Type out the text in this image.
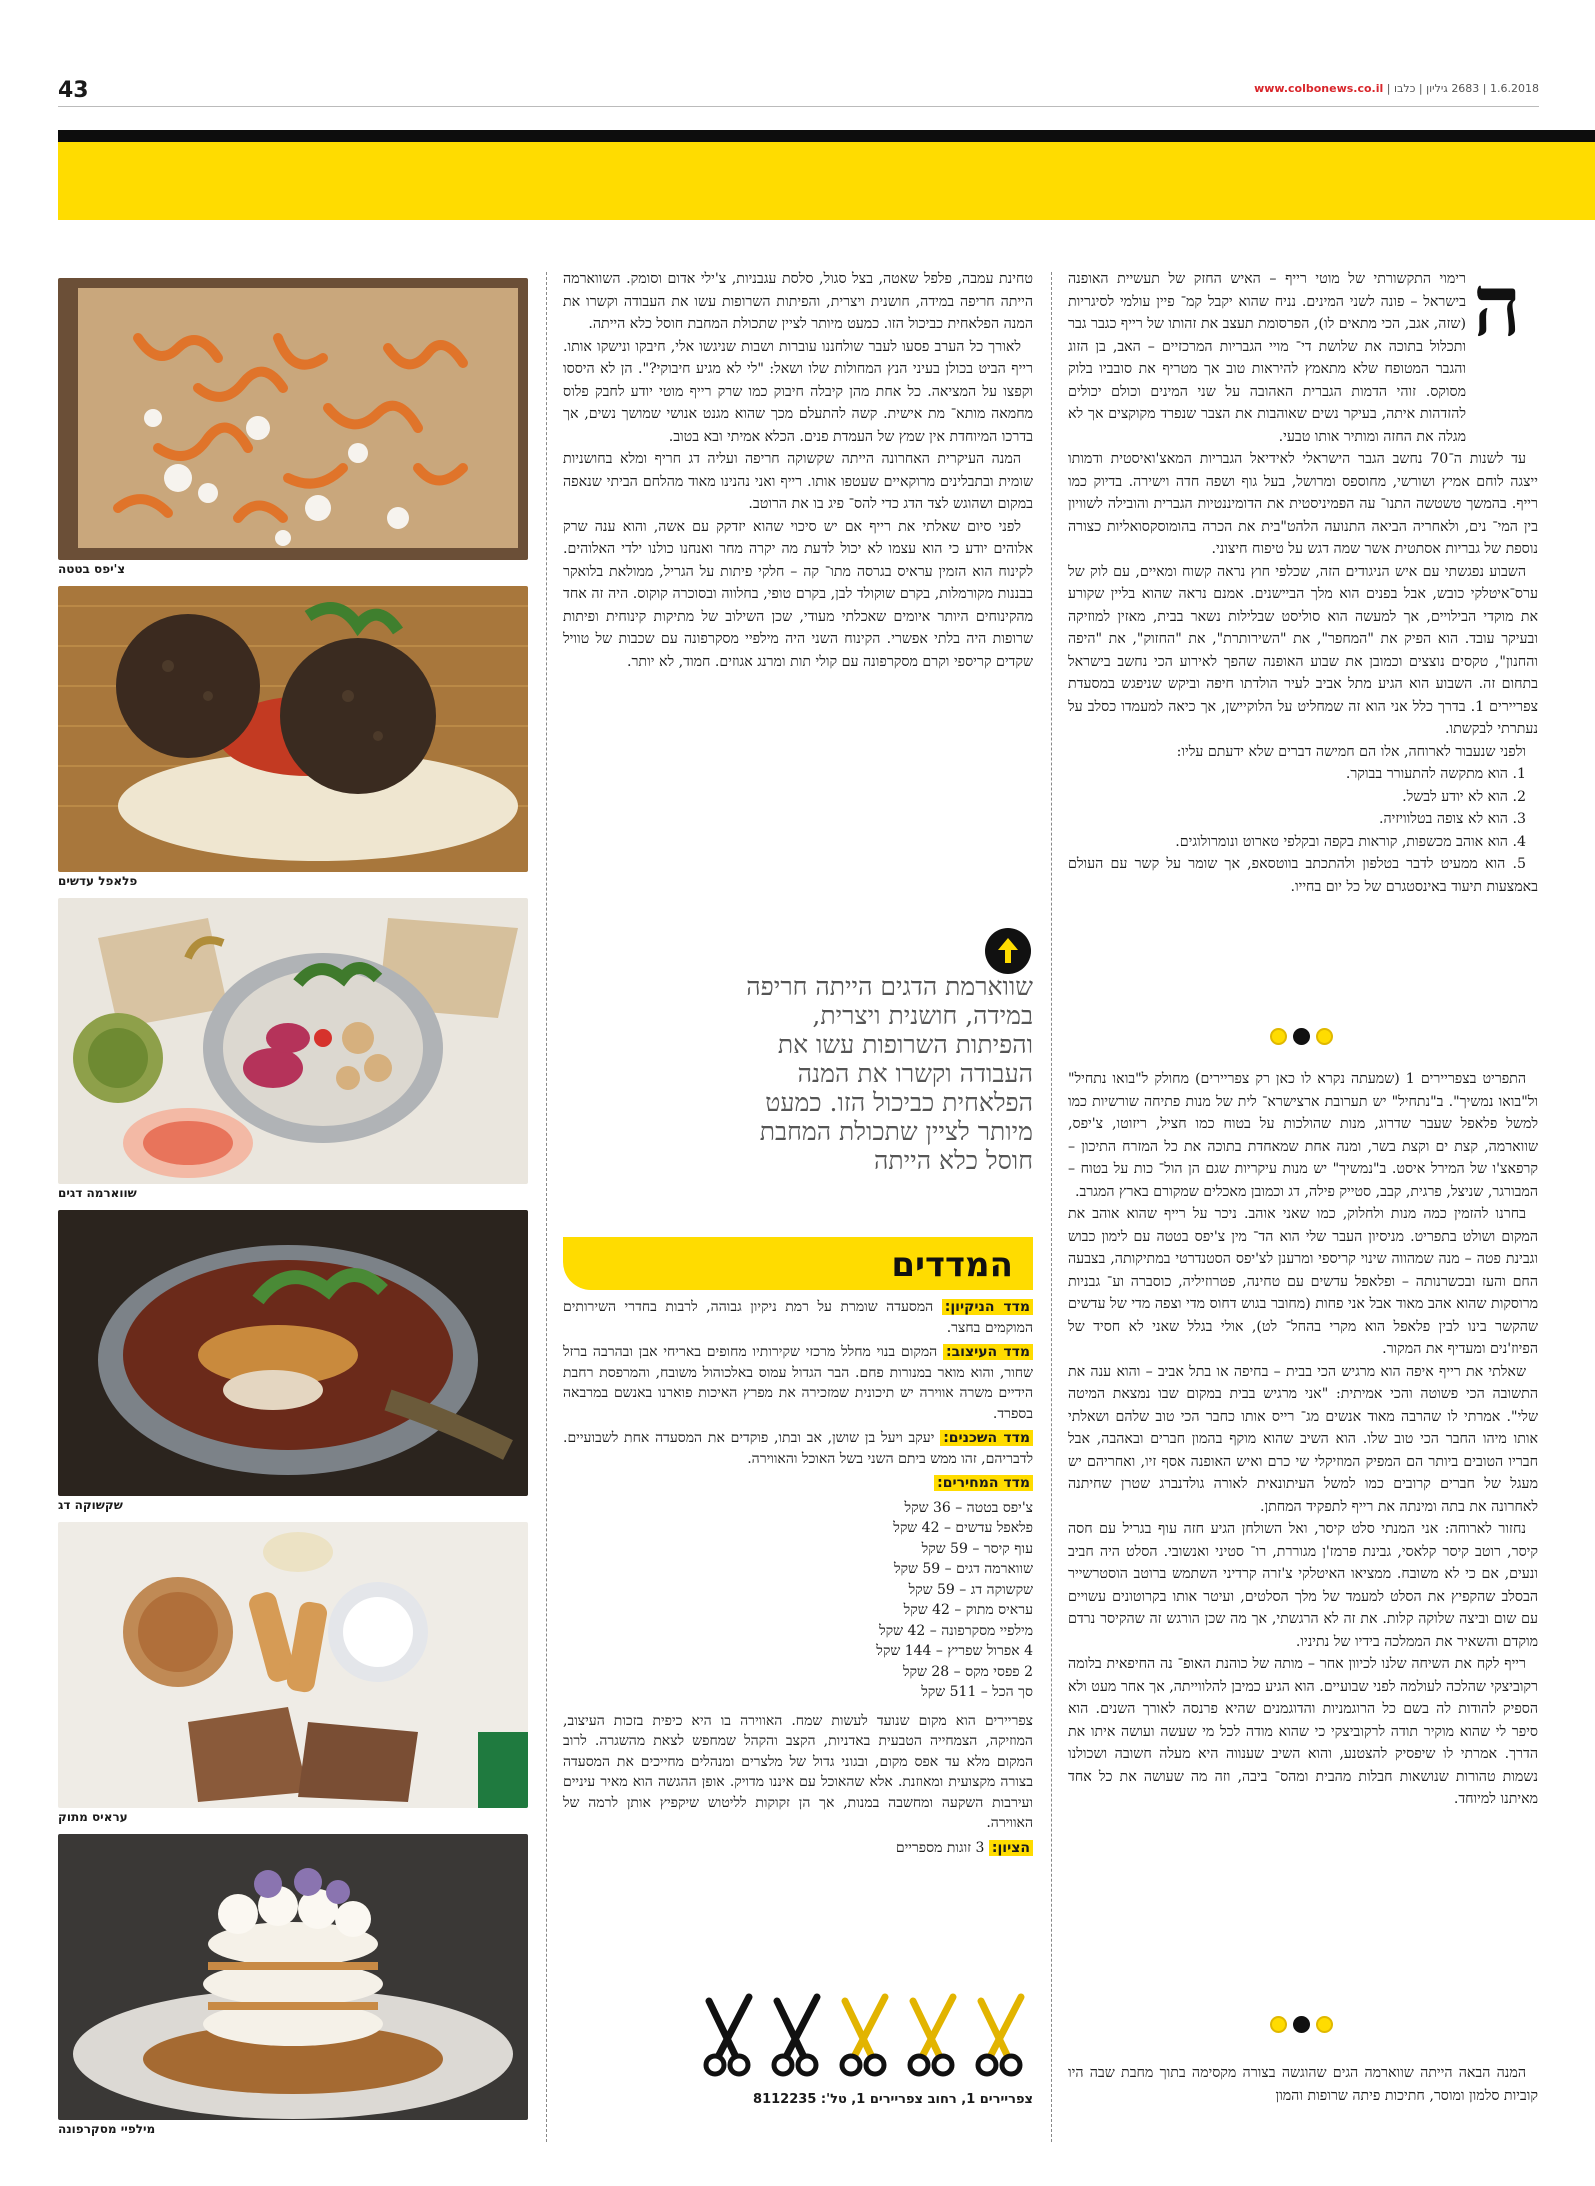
43	1.6.2018 | 2683 גיליון | כלבו | www.colbonews.co.il
צ'יפס בטטה
פלאפל עדשים
שווארמה דגים
שקשוקה דג
עראיס מתוק
מילפיי מסקרפונה
ה

רימוי התקשורתי של מוטי רייף – האיש החזק של תעשיית האופנה בישראל – פונה לשני המינים. נניח שהוא יקבל קמ־ פיין עולמי לסיגריות (שזה, אגב, הכי מתאים לו), הפרסומת תעצב את זהותו של רייף כגבר גבר ותכלול בתוכה את שלושת די־ מויי הגבריות המרכזיים – האב, בן הזוג והגבר המטופח שלא מתאמץ להיראות טוב אך מטריף את סובביו בלוק מסוקס. זוהי הדמות הגברית האהובה על שני המינים וכולם יכולים להזדהות איתה, בעיקר נשים שאוהבות את הצבר שנפרד מקוקצים אך לא מגלה את החזה ומותיר אותו טבעי.

עד לשנות ה־70 נחשב הגבר הישראלי לאידיאל הגבריות המאצ'ואיסטית ודמותו ייצגה לוחם אמיץ ושורשי, מחוספס ומרושל, בעל גוף ושפה חדה וישירה. בדיוק כמו רייף. בהמשך טשטשה התנו־ עה הפמיניסטית את הדומיננטיות הגברית והובילה לשוויון בין המי־ נים, ולאחריה הביאה התנועה הלהט"בית את הכרה בהומוסקסואליות כצורה נוספת של גבריות אסתטית אשר שמה דגש על טיפוח חיצוני.

השבוע נפגשתי עם איש הניגודים הזה, שכלפי חוץ נראה קשוח ומאיים, עם לוק של ערס־איטלקי כובש, אבל בפנים הוא מלך הביישנים. אמנם נראה שהוא בליין שקורע את מוקדי הבילויים, אך למעשה הוא סוליסט שבלילות נשאר בבית, מאזין למוזיקה ובעיקר עובד. הוא הפיק את "המחפר", את "השירותרת", את "החזוק", את "היפה והחנון", טקסים נוצצים וכמובן את שבוע האופנה שהפך לאירוע הכי נחשב בישראל בתחום זה. השבוע הוא הגיע מתל אביב לעיר הולדתו חיפה וביקש שניפגש במסעדת צפריירים 1. בדרך כלל אני הוא זה שמחליט על הלוקיישן, אך כיאה למעמדו כסלב על נעתרתי לבקשתו.

ולפני שנעבור לארוחה, אלו הם חמישה דברים שלא ידעתם עליו:

1. הוא מתקשה להתעורר בבוקר.

2. הוא לא יודע לבשל.

3. הוא לא צופה בטלוויזיה.

4. הוא אוהב מכשפות, קוראות בקפה ובקלפי טארוט ונומרולוגים.

5. הוא ממעיט לדבר בטלפון ולהתכתב בווטסאפ, אך שומר על קשר עם העולם באמצעות תיעוד באינסטגרם של כל יום בחייו.

התפריט בצפריירים 1 (שמעתה נקרא לו כאן רק צפריירים) מחולק ל"בואו נתחיל" ול"בואו נמשיך". ב"נתחיל" יש תערובת ארצישרא־ לית של מנות פתיחה שורשיות כמו למשל פלאפל שעבר שדרוג, מנות שהולכות על בטוח כמו חציל, ריזוטו, צ'יפס, שווארמה, קצת ים וקצת בשר, ומנה אחת שמאחדת בתוכה את כל המזרח התיכון – קרפאצ'ו של המירל איסט. ב"נמשיך" יש מנות עיקריות שגם הן הול־ כות על בטוח – המבורגר, שניצל, פרגית, קבב, סטייק פילה, דג וכמובן מאכלים שמקורם בארץ המגרב.

בחרנו להזמין כמה מנות ולחלוק, כמו שאני אוהב. ניכר על רייף שהוא אוהב את המקום ושולט בתפריט. מניסיון העבר שלי הוא הד־ מין צ'יפס בטטה עם לימון כבוש וגבינת פטה – מנה שמהווה שינוי קריספי ומרענן לצ'יפס הסטנדרטי במתיקותה, בצבעה החם והעז ובכשרנותה – ופלאפל עדשים עם טחינה, פטרוזיליה, כוסברה וע־ גבניות מרוסקות שהוא אהב מאוד אבל אני פחות (מחובר בגוש דחוס מדי וצפה מדי של עדשים שהקשר בינו לבין פלאפל הוא מקרי בהחל־ לט), אולי בגלל שאני לא חסיד של הפיוז'נים ומעדיף את המקור.

שאלתי את רייף איפה הוא מרגיש הכי בבית – בחיפה או בתל אביב – והוא ענה את התשובה הכי פשוטה והכי אמיתית: "אני מרגיש בבית במקום שבו נמצאת המיטה שלי". אמרתי לו שהרבה מאוד אנשים מג־ רייס אותו כחבר הכי טוב שלהם ושאלתי אותו מיהו החבר הכי טוב שלו. הוא השיב שהוא מוקף בהמון חברים ובאהבה, אבל חבריו הטובים ביותר הם המפיק המוזיקלי שי כרם ואיש האופנה אסף זיו, ואחריהם יש מעגל של חברים קרובים כמו למשל העיתונאית לאורה גולדנברג שטרן שחיתנה לאחרונה את בתה ומינתה את רייף לתפקיד המחתן.

נחזור לארוחה: אני המנתי סלט קיסר, ואל השולחן הגיע חזה עוף בגריל עם חסה קיסר, רוטב קיסר קלאסי, גבינת פרמז'ן מגוררת, רו־ סטיני ואנשובי. הסלט היה חביב ונעים, אם כי לא משובח. ממציאו האיטלקי צ'זרה קרדיני השתמש ברוטב הוסטרשייר הבסלב שהקפיץ את הסלט למעמד של מלך הסלטים, ועיטר אותו בקרוטונים עשויים עם שום וביצה שלוקה קלות. את זה לא הרגשתי, אך מה שכן הורגש זה שהקיסר נרדם מוקדם והשאיר את הממלכה בידיו של נתיניו.

רייף לקח את השיחה שלנו לכיוון אחר – מותה של כוהנת האופ־ נה החיפאית בלומה רקוביצקי שהלכה לעולמה לפני שבועיים. הוא הגיע כמיבן להלווייתה, אך אחר מעט ולא הספיק להודות לה בשם כל הרוגמניות והדוגמנים שהיא פרנסה לאורך השנים. הוא סיפר לי שהוא מוקיר תודה לרקוביצקי כי שהוא מודה לכל מי שעשה ועושה איתו את הדרך. אמרתי לו שיפסיק להצטנע, והוא השיב שענווה היא מעלה חשובה ושכולנו נשמות טהורות שנושאות חבלות מהבית ומהס־ ביבה, וזה מה שעושה את כל אחד מאיתנו למיוחד.

המנה הבאה הייתה שווארמה הגים שהוגשה בצורה מקסימה בתוך מחבת שבה היו קוביות סלמון ומוסר, חתיכות פיתה שרופות והמון

טחינת עמבה, פלפל שאטה, בצל סגול, סלסת עגבניות, צ'ילי אדום וסומק. השווארמה הייתה חריפה במידה, חושנית ויצרית, והפיתות השרופות עשו את העבודה וקשרו את המנה הפלאחית כביכול הזו. כמעט מיותר לציין שתכולת המחבת חוסל כלא הייתה.

לאורך כל הערב פסעו לעבר שולחננו עוברות ושבות שניגשו אלי, חיבקו ונישקו אותו. רייף הביט בכולן בעיני הנץ המחולות שלו ושאל: "לי לא מגיע חיבוקי?". הן לא היססו וקפצו על המציאה. כל אחת מהן קיבלה חיבוק כמו שרק רייף מוטי יודע לחבק פלוס מחמאה מותא־ מת אישית. קשה להתעלם מכך שהוא מגנט אנושי שמושך נשים, אך בדרכו המיוחדת אין שמץ של העמדת פנים. הכלא אמיתי ובא בטוב.

המנה העיקרית האחרונה הייתה שקשוקה חריפה ועליה דג חריף ומלא בחושניות שומית ובתבלינים מרוקאיים שעטפו אותו. רייף ואני נהנינו מאוד מהלחם הביתי שנאפה במקום ושהוגש לצד הדג כדי להס־ פיג בו את הרוטב.

לפני סיום שאלתי את רייף אם יש סיכוי שהוא יזדקק עם אשה, והוא ענה שרק אלוהים יודע כי הוא עצמו לא יכול לדעת מה יקרה מחר ואנחנו כולנו ילדי האלוהים. לקינוח הוא הזמין עראיס בגרסה מתו־ קה – חלקי פיתות על הגריל, ממולאת בלואקר בבננות מקורמלות, בקרם שוקולד לבן, בקרם טופי, בחלווה ובסוכרה קוקוס. היה זה אחד מהקינוחים היותר איומים שאכלתי מעודי, שכן השילוב של מתיקות קינוחית ופיתות שרופות היה בלתי אפשרי. הקינוח השני היה מילפיי מסקרפונה עם שכבות של טוויל שקדים קריספי וקרם מסקרפונה עם קולי תות ומרנג אגוזים. חמוד, לא יותר.

שווארמת הדגים הייתה חריפה במידה, חושנית ויצרית, והפיתות השרופות עשו את העבודה וקשרו את המנה הפלאחית כביכול הזו. כמעט מיותר לציין שתכולת המחבת חוסל כלא הייתה
המדדים

מדד הניקיון: המסעדה שומרת על רמת ניקיון גבוהה, לרבות בחדרי השירותים המוקמים בחצר.

מדד העיצוב: המקום בנוי מחלל מרכזי שקירותיו מחופים באריחי אבן ובהרבה ברזל שחור, והוא מואר במנורות פחם. הבר הגדול עמוס באלכוהול משובח, והמרפסת רחבת הידיים משרה אווירה יש תיכונית שמזכירה את מפרץ האיכות פוארנו באנשם במרבאה בספרד.

מדד השכנים: יעקב ויעל בן שושן, אב ובתו, פוקדים את המסעדה אחת לשבועיים. לדבריהם, זהו ממש ביתם השני בשל האוכל והאווירה.

מדד המחירים:

צ'יפס בטטה – 36 שקל
פלאפל עדשים – 42 שקל
עוף קיסר – 59 שקל
שווארמה דגים – 59 שקל
שקשוקה דג – 59 שקל
עראיס מתוק – 42 שקל
מילפיי מסקרפונה – 42 שקל
4 אפרול שפריץ – 144 שקל
2 פפסי מקס – 28 שקל
סך הכל – 511 שקל

צפריירים הוא מקום שנועד לעשות שמח. האווירה בו היא כיפית בזכות העיצוב, המוזיקה, הצמחייה הטבעית באדניות, הקצב והקהל שמחפש לצאת מהשגרה. לרוב המקום מלא עד אפס מקום, ובגוני גדול של מלצרים ומנהלים מחייכים את המסעדה בצורה מקצועית ומאוזנת. אלא שהאוכל עם איננו מדויק. אופן ההגשה הוא מאיר עיניים ועירבות השקעה ומחשבה במנות, אך הן זקוקות לליטוש שיקפיץ אותן לרמה של האווירה.

הציון: 3 זוגות מספריים

צפריירים 1, רחוב צפריירים 1, טל': 8112235
